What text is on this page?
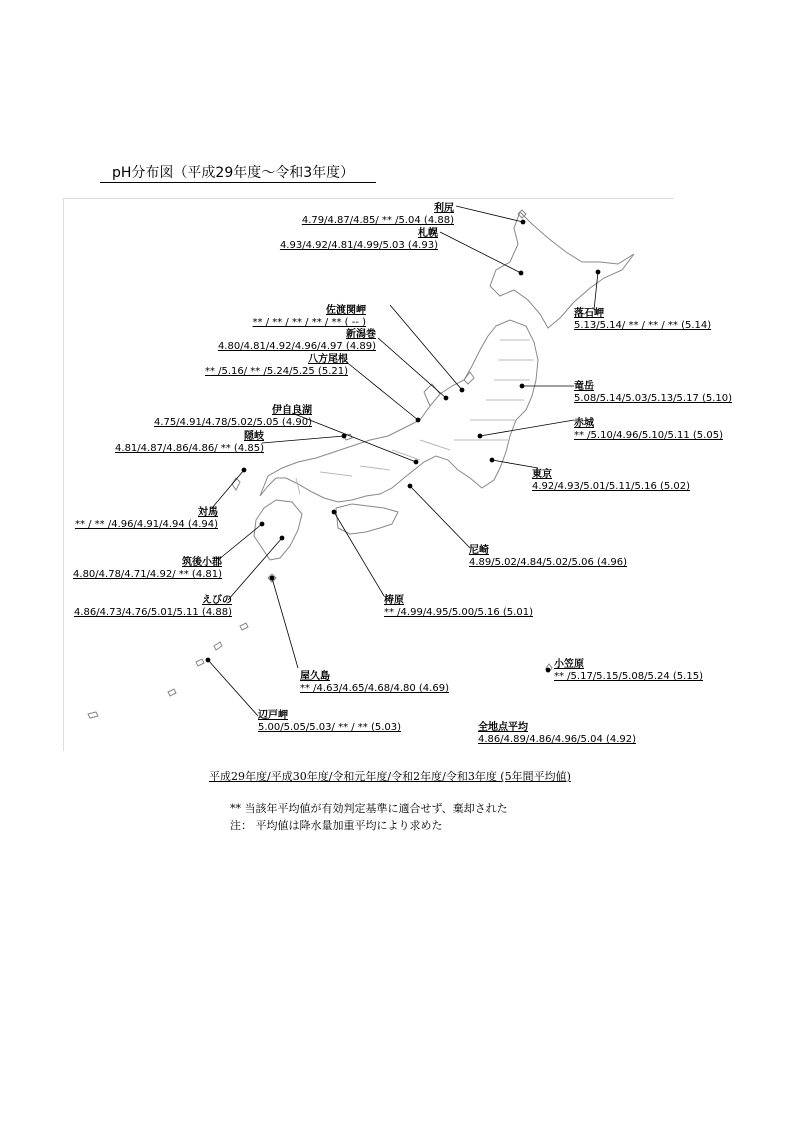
pH分布図（平成29年度～令和3年度）
利尻
4.79/4.87/4.85/ ** /5.04 (4.88)
札幌
4.93/4.92/4.81/4.99/5.03 (4.93)
落石岬
5.13/5.14/ ** / ** / ** (5.14)
佐渡関岬
** / ** / ** / ** / ** ( -- )
新潟巻
4.80/4.81/4.92/4.96/4.97 (4.89)
八方尾根
** /5.16/ ** /5.24/5.25 (5.21)
伊自良湖
4.75/4.91/4.78/5.02/5.05 (4.90)
隠岐
4.81/4.87/4.86/4.86/ ** (4.85)
対馬
** / ** /4.96/4.91/4.94 (4.94)
筑後小郡
4.80/4.78/4.71/4.92/ ** (4.81)
えびの
4.86/4.73/4.76/5.01/5.11 (4.88)
屋久島
** /4.63/4.65/4.68/4.80 (4.69)
辺戸岬
5.00/5.05/5.03/ ** / ** (5.03)
竜岳
5.08/5.14/5.03/5.13/5.17 (5.10)
赤城
** /5.10/4.96/5.10/5.11 (5.05)
東京
4.92/4.93/5.01/5.11/5.16 (5.02)
尼崎
4.89/5.02/4.84/5.02/5.06 (4.96)
梼原
** /4.99/4.95/5.00/5.16 (5.01)
小笠原
** /5.17/5.15/5.08/5.24 (5.15)
全地点平均
4.86/4.89/4.86/4.96/5.04 (4.92)
平成29年度/平成30年度/令和元年度/令和2年度/令和3年度 (5年間平均値)
** 当該年平均値が有効判定基準に適合せず、棄却された
注： 平均値は降水量加重平均により求めた
